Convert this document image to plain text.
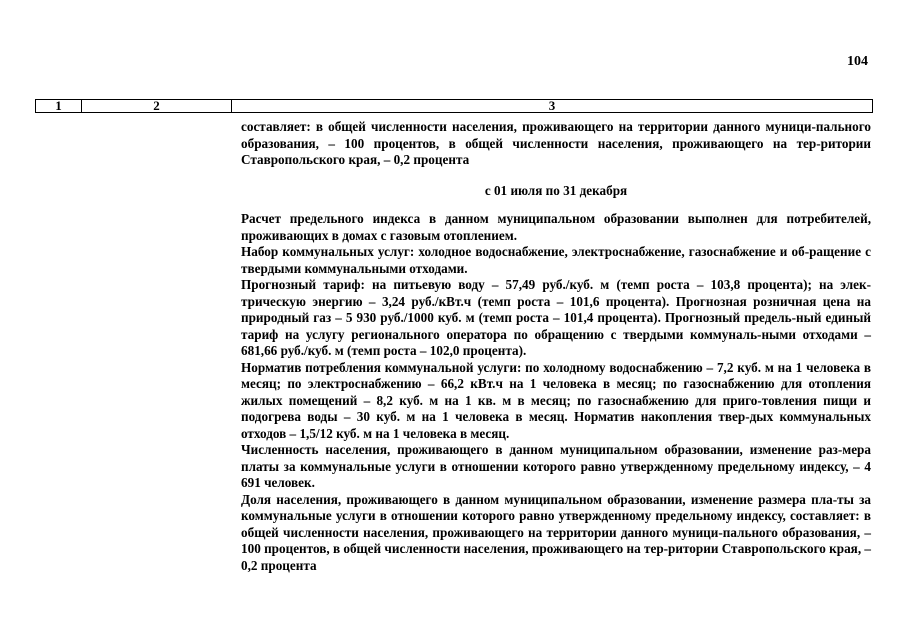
104
1	2	3

составляет: в общей численности населения, проживающего на территории данного муници-пального образования, – 100 процентов, в общей численности населения, проживающего на тер-ритории Ставропольского края, – 0,2 процента

с 01 июля по 31 декабря

Расчет предельного индекса в данном муниципальном образовании выполнен для потребителей, проживающих в домах с газовым отоплением.

Набор коммунальных услуг: холодное водоснабжение, электроснабжение, газоснабжение и об-ращение с твердыми коммунальными отходами.

Прогнозный тариф: на питьевую воду – 57,49 руб./куб. м (темп роста – 103,8 процента); на элек-трическую энергию – 3,24 руб./кВт.ч (темп роста – 101,6 процента). Прогнозная розничная цена на природный газ – 5 930 руб./1000 куб. м (темп роста – 101,4 процента). Прогнозный предель-ный единый тариф на услугу регионального оператора по обращению с твердыми коммуналь-ными отходами – 681,66 руб./куб. м (темп роста – 102,0 процента).

Норматив потребления коммунальной услуги: по холодному водоснабжению – 7,2 куб. м на 1 человека в месяц; по электроснабжению – 66,2 кВт.ч на 1 человека в месяц; по газоснабжению для отопления жилых помещений – 8,2 куб. м на 1 кв. м в месяц; по газоснабжению для приго-товления пищи и подогрева воды – 30 куб. м на 1 человека в месяц. Норматив накопления твер-дых коммунальных отходов – 1,5/12 куб. м на 1 человека в месяц.

Численность населения, проживающего в данном муниципальном образовании, изменение раз-мера платы за коммунальные услуги в отношении которого равно утвержденному предельному индексу, – 4 691 человек.

Доля населения, проживающего в данном муниципальном образовании, изменение размера пла-ты за коммунальные услуги в отношении которого равно утвержденному предельному индексу, составляет: в общей численности населения, проживающего на территории данного муници-пального образования, – 100 процентов, в общей численности населения, проживающего на тер-ритории Ставропольского края, – 0,2 процента
